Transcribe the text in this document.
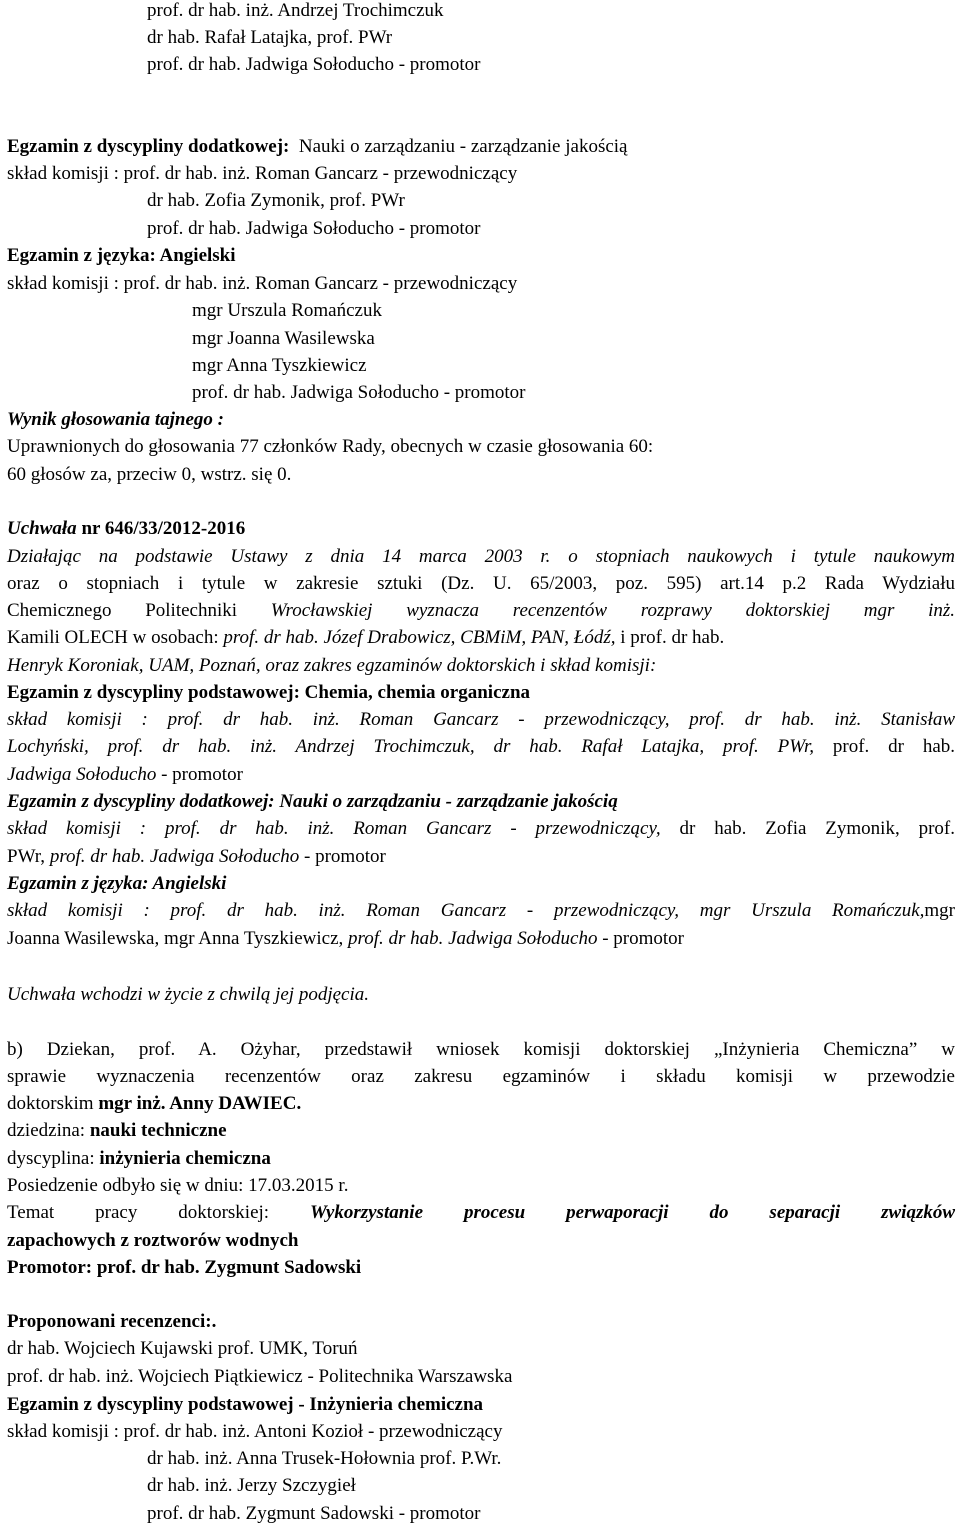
prof. dr hab. inż. Andrzej Trochimczuk
dr hab. Rafał Latajka, prof. PWr
prof. dr hab. Jadwiga Sołoducho - promotor
Egzamin z dyscypliny dodatkowej: Nauki o zarządzaniu - zarządzanie jakością
skład komisji : prof. dr hab. inż. Roman Gancarz - przewodniczący
dr hab. Zofia Zymonik, prof. PWr
prof. dr hab. Jadwiga Sołoducho - promotor
Egzamin z języka: Angielski
skład komisji : prof. dr hab. inż. Roman Gancarz - przewodniczący
mgr Urszula Romańczuk
mgr Joanna Wasilewska
mgr Anna Tyszkiewicz
prof. dr hab. Jadwiga Sołoducho - promotor
Wynik głosowania tajnego :
Uprawnionych do głosowania 77 członków Rady, obecnych w czasie głosowania 60:
60 głosów za, przeciw 0, wstrz. się 0.
Uchwała nr 646/33/2012-2016
Działając na podstawie Ustawy z dnia 14 marca 2003 r. o stopniach naukowych i tytule naukowym
oraz o stopniach i tytule w zakresie sztuki (Dz. U. 65/2003, poz. 595) art.14 p.2 Rada Wydziału
Chemicznego Politechniki Wrocławskiej wyznacza recenzentów rozprawy doktorskiej mgr inż.
Kamili OLECH w osobach: prof. dr hab. Józef Drabowicz, CBMiM, PAN, Łódź, i prof. dr hab.
Henryk Koroniak, UAM, Poznań, oraz zakres egzaminów doktorskich i skład komisji:
Egzamin z dyscypliny podstawowej: Chemia, chemia organiczna
skład komisji : prof. dr hab. inż. Roman Gancarz - przewodniczący, prof. dr hab. inż. Stanisław
Lochyński, prof. dr hab. inż. Andrzej Trochimczuk, dr hab. Rafał Latajka, prof. PWr, prof. dr hab.
Jadwiga Sołoducho - promotor
Egzamin z dyscypliny dodatkowej: Nauki o zarządzaniu - zarządzanie jakością
skład komisji : prof. dr hab. inż. Roman Gancarz - przewodniczący, dr hab. Zofia Zymonik, prof.
PWr, prof. dr hab. Jadwiga Sołoducho - promotor
Egzamin z języka: Angielski
skład komisji : prof. dr hab. inż. Roman Gancarz - przewodniczący, mgr Urszula Romańczuk,mgr
Joanna Wasilewska, mgr Anna Tyszkiewicz, prof. dr hab. Jadwiga Sołoducho - promotor
Uchwała wchodzi w życie z chwilą jej podjęcia.
b) Dziekan, prof. A. Ożyhar, przedstawił wniosek komisji doktorskiej „Inżynieria Chemiczna” w
sprawie wyznaczenia recenzentów oraz zakresu egzaminów i składu komisji w przewodzie
doktorskim mgr inż. Anny DAWIEC.
dziedzina: nauki techniczne
dyscyplina: inżynieria chemiczna
Posiedzenie odbyło się w dniu: 17.03.2015 r.
Temat pracy doktorskiej: Wykorzystanie procesu perwaporacji do separacji związków
zapachowych z roztworów wodnych
Promotor: prof. dr hab. Zygmunt Sadowski
Proponowani recenzenci:.
dr hab. Wojciech Kujawski prof. UMK, Toruń
prof. dr hab. inż. Wojciech Piątkiewicz - Politechnika Warszawska
Egzamin z dyscypliny podstawowej - Inżynieria chemiczna
skład komisji : prof. dr hab. inż. Antoni Kozioł - przewodniczący
dr hab. inż. Anna Trusek-Hołownia prof. P.Wr.
dr hab. inż. Jerzy Szczygieł
prof. dr hab. Zygmunt Sadowski - promotor
